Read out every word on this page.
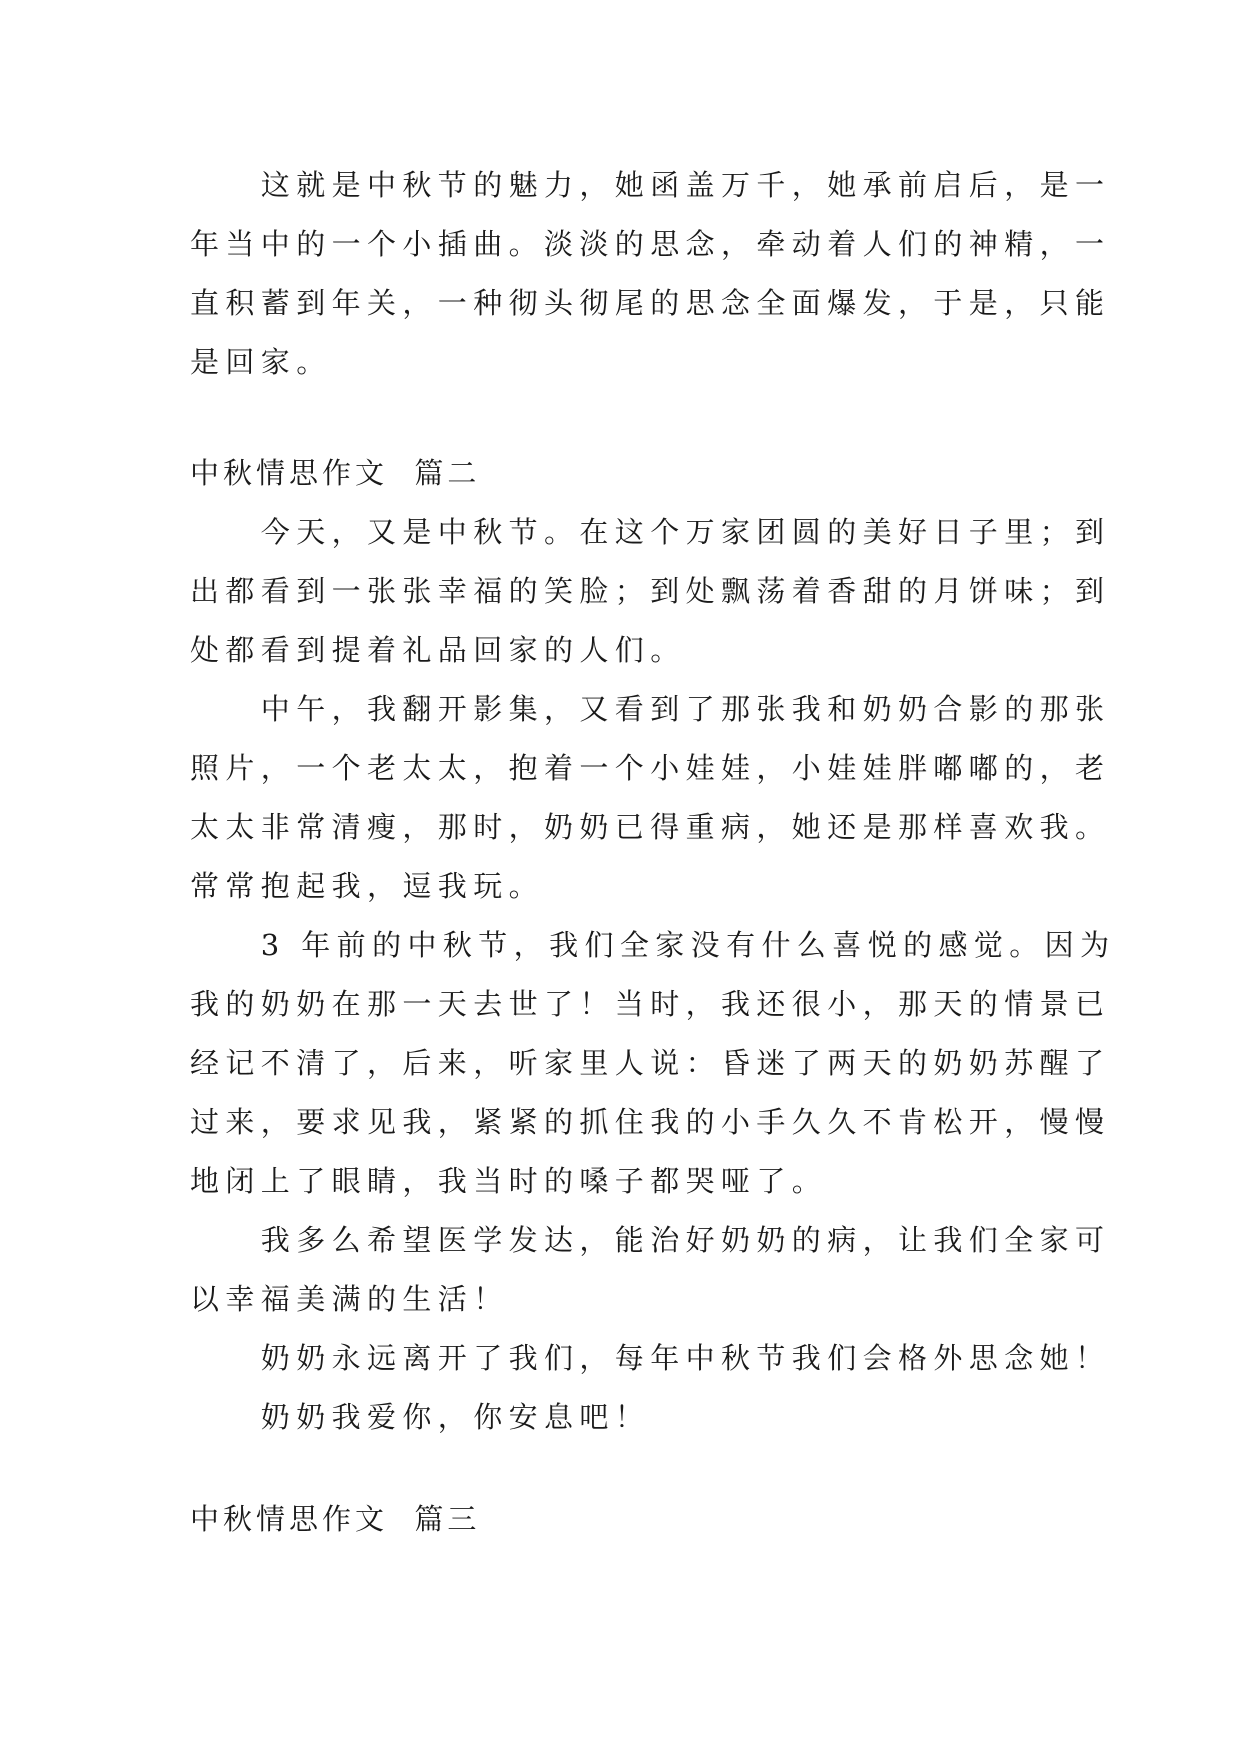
　　这就是中秋节的魅力，她函盖万千，她承前启后，是一
年当中的一个小插曲。淡淡的思念，牵动着人们的神精，一
直积蓄到年关，一种彻头彻尾的思念全面爆发，于是，只能
是回家。
中秋情思作文  篇二
　　今天，又是中秋节。在这个万家团圆的美好日子里；到
出都看到一张张幸福的笑脸；到处飘荡着香甜的月饼味；到
处都看到提着礼品回家的人们。
　　中午，我翻开影集，又看到了那张我和奶奶合影的那张
照片，一个老太太，抱着一个小娃娃，小娃娃胖嘟嘟的，老
太太非常清瘦，那时，奶奶已得重病，她还是那样喜欢我。
常常抱起我，逗我玩。
　　3 年前的中秋节，我们全家没有什么喜悦的感觉。因为
我的奶奶在那一天去世了！当时，我还很小，那天的情景已
经记不清了，后来，听家里人说：昏迷了两天的奶奶苏醒了
过来，要求见我，紧紧的抓住我的小手久久不肯松开，慢慢
地闭上了眼睛，我当时的嗓子都哭哑了。
　　我多么希望医学发达，能治好奶奶的病，让我们全家可
以幸福美满的生活！
　　奶奶永远离开了我们，每年中秋节我们会格外思念她！
　　奶奶我爱你，你安息吧！
中秋情思作文  篇三
